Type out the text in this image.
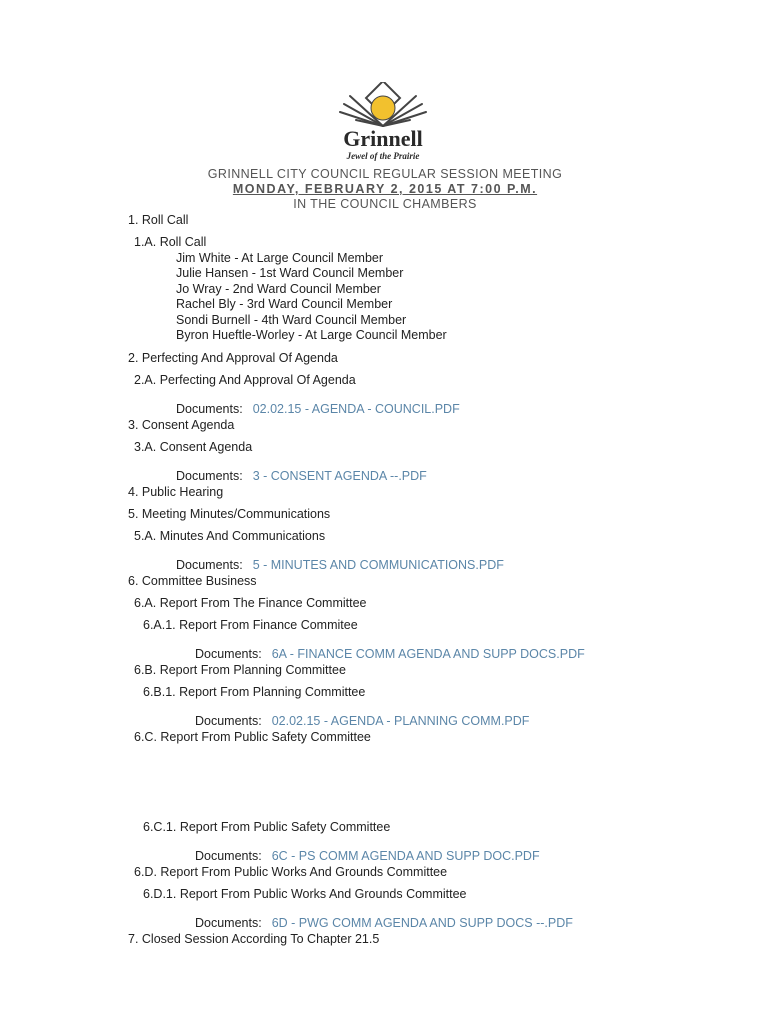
Grinnell
Jewel of the Prairie
GRINNELL CITY COUNCIL REGULAR SESSION MEETING
MONDAY, FEBRUARY 2, 2015 AT 7:00 P.M.
IN THE COUNCIL CHAMBERS
1. Roll Call
1.A. Roll Call
Jim White - At Large Council Member
Julie Hansen - 1st Ward Council Member
Jo Wray - 2nd Ward Council Member
Rachel Bly - 3rd Ward Council Member
Sondi Burnell - 4th Ward Council Member
Byron Hueftle-Worley - At Large Council Member
2. Perfecting And Approval Of Agenda
2.A. Perfecting And Approval Of Agenda
Documents: 02.02.15 - AGENDA - COUNCIL.PDF
3. Consent Agenda
3.A. Consent Agenda
Documents: 3 - CONSENT AGENDA --.PDF
4. Public Hearing
5. Meeting Minutes/Communications
5.A. Minutes And Communications
Documents: 5 - MINUTES AND COMMUNICATIONS.PDF
6. Committee Business
6.A. Report From The Finance Committee
6.A.1. Report From Finance Commitee
Documents: 6A - FINANCE COMM AGENDA AND SUPP DOCS.PDF
6.B. Report From Planning Committee
6.B.1. Report From Planning Committee
Documents: 02.02.15 - AGENDA - PLANNING COMM.PDF
6.C. Report From Public Safety Committee
6.C.1. Report From Public Safety Committee
Documents: 6C - PS COMM AGENDA AND SUPP DOC.PDF
6.D. Report From Public Works And Grounds Committee
6.D.1. Report From Public Works And Grounds Committee
Documents: 6D - PWG COMM AGENDA AND SUPP DOCS --.PDF
7. Closed Session According To Chapter 21.5
